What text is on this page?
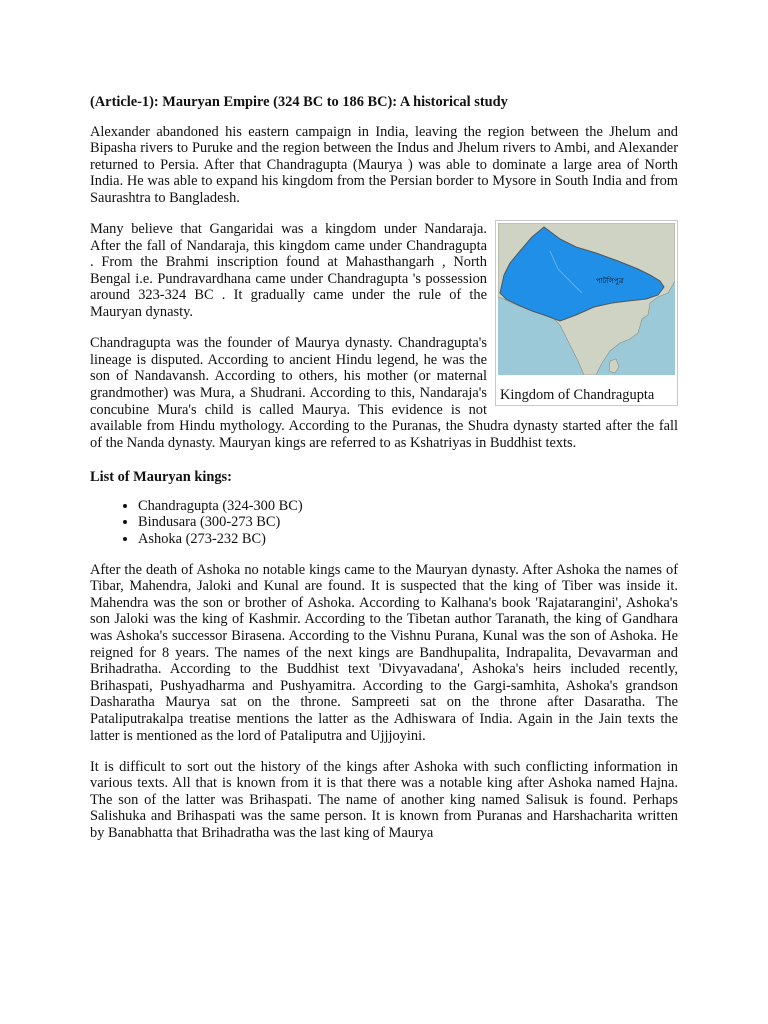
(Article-1): Mauryan Empire (324 BC to 186 BC): A historical study

Alexander abandoned his eastern campaign in India, leaving the region between the Jhelum and Bipasha rivers to Puruke and the region between the Indus and Jhelum rivers to Ambi, and Alexander returned to Persia. After that Chandragupta (Maurya ) was able to dominate a large area of North India. He was able to expand his kingdom from the Persian border to Mysore in South India and from Saurashtra to Bangladesh.

পাটলিপুত্র
Kingdom of Chandragupta

Many believe that Gangaridai was a kingdom under Nandaraja. After the fall of Nandaraja, this kingdom came under Chandragupta . From the Brahmi inscription found at Mahasthangarh , North Bengal i.e. Pundravardhana came under Chandragupta 's possession around 323-324 BC . It gradually came under the rule of the Mauryan dynasty.

Chandragupta was the founder of Maurya dynasty. Chandragupta's lineage is disputed. According to ancient Hindu legend, he was the son of Nandavansh. According to others, his mother (or maternal grandmother) was Mura, a Shudrani. According to this, Nandaraja's concubine Mura's child is called Maurya. This evidence is not available from Hindu mythology. According to the Puranas, the Shudra dynasty started after the fall of the Nanda dynasty. Mauryan kings are referred to as Kshatriyas in Buddhist texts.

List of Mauryan kings:
• Chandragupta (324-300 BC)
• Bindusara (300-273 BC)
• Ashoka (273-232 BC)

After the death of Ashoka no notable kings came to the Mauryan dynasty. After Ashoka the names of Tibar, Mahendra, Jaloki and Kunal are found. It is suspected that the king of Tiber was inside it. Mahendra was the son or brother of Ashoka. According to Kalhana's book 'Rajatarangini', Ashoka's son Jaloki was the king of Kashmir. According to the Tibetan author Taranath, the king of Gandhara was Ashoka's successor Birasena. According to the Vishnu Purana, Kunal was the son of Ashoka. He reigned for 8 years. The names of the next kings are Bandhupalita, Indrapalita, Devavarman and Brihadratha. According to the Buddhist text 'Divyavadana', Ashoka's heirs included recently, Brihaspati, Pushyadharma and Pushyamitra. According to the Gargi-samhita, Ashoka's grandson Dasharatha Maurya sat on the throne. Sampreeti sat on the throne after Dasaratha. The Pataliputrakalpa treatise mentions the latter as the Adhiswara of India. Again in the Jain texts the latter is mentioned as the lord of Pataliputra and Ujjjoyini.

It is difficult to sort out the history of the kings after Ashoka with such conflicting information in various texts. All that is known from it is that there was a notable king after Ashoka named Hajna. The son of the latter was Brihaspati. The name of another king named Salisuk is found. Perhaps Salishuka and Brihaspati was the same person. It is known from Puranas and Harshacharita written by Banabhatta that Brihadratha was the last king of Maurya
